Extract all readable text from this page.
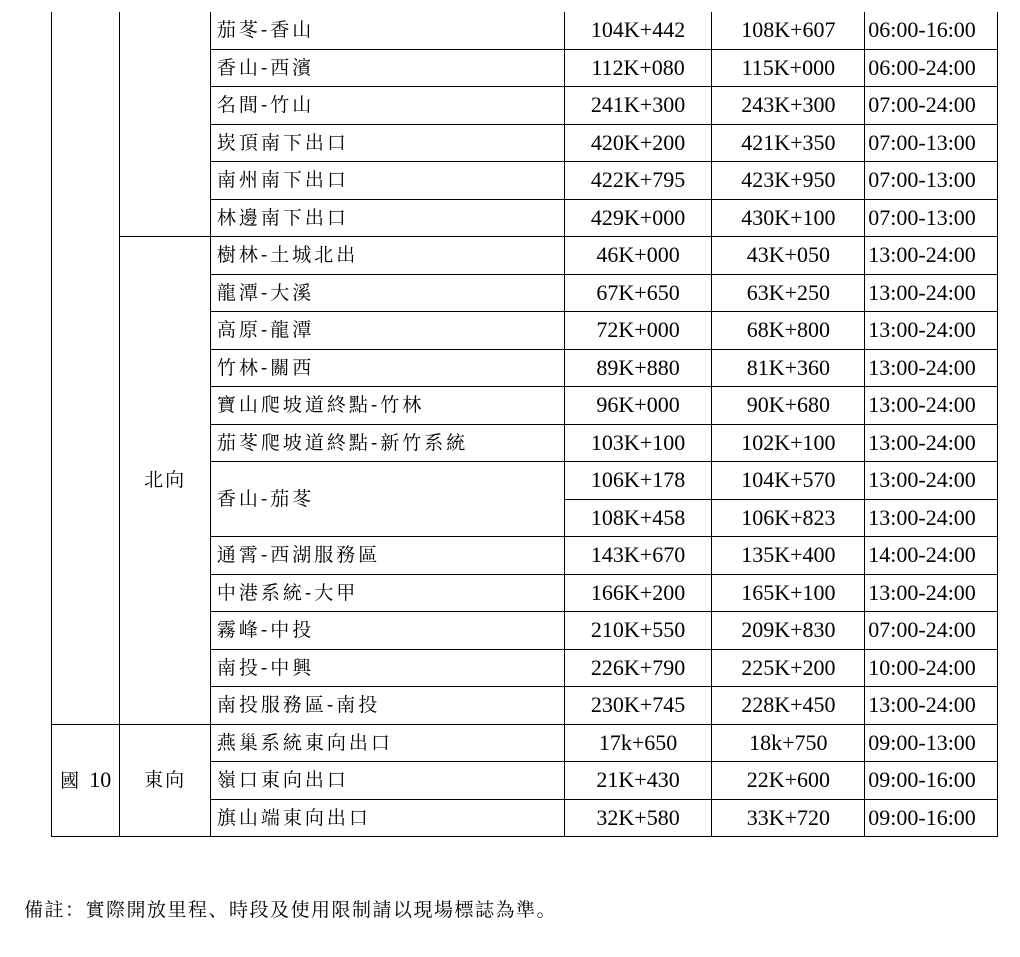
		茄苳-香山	104K+442	108K+607	06:00-16:00
		香山-西濱	112K+080	115K+000	06:00-24:00
		名間-竹山	241K+300	243K+300	07:00-24:00
		崁頂南下出口	420K+200	421K+350	07:00-13:00
		南州南下出口	422K+795	423K+950	07:00-13:00
		林邊南下出口	429K+000	430K+100	07:00-13:00
	北向	樹林-土城北出	46K+000	43K+050	13:00-24:00
		龍潭-大溪	67K+650	63K+250	13:00-24:00
		高原-龍潭	72K+000	68K+800	13:00-24:00
		竹林-關西	89K+880	81K+360	13:00-24:00
		寶山爬坡道終點-竹林	96K+000	90K+680	13:00-24:00
		茄苳爬坡道終點-新竹系統	103K+100	102K+100	13:00-24:00
		香山-茄苳	106K+178	104K+570	13:00-24:00
			108K+458	106K+823	13:00-24:00
		通霄-西湖服務區	143K+670	135K+400	14:00-24:00
		中港系統-大甲	166K+200	165K+100	13:00-24:00
		霧峰-中投	210K+550	209K+830	07:00-24:00
		南投-中興	226K+790	225K+200	10:00-24:00
		南投服務區-南投	230K+745	228K+450	13:00-24:00
國 10	東向	燕巢系統東向出口	17k+650	18k+750	09:00-13:00
		嶺口東向出口	21K+430	22K+600	09:00-16:00
		旗山端東向出口	32K+580	33K+720	09:00-16:00
備註：實際開放里程、時段及使用限制請以現場標誌為準。
